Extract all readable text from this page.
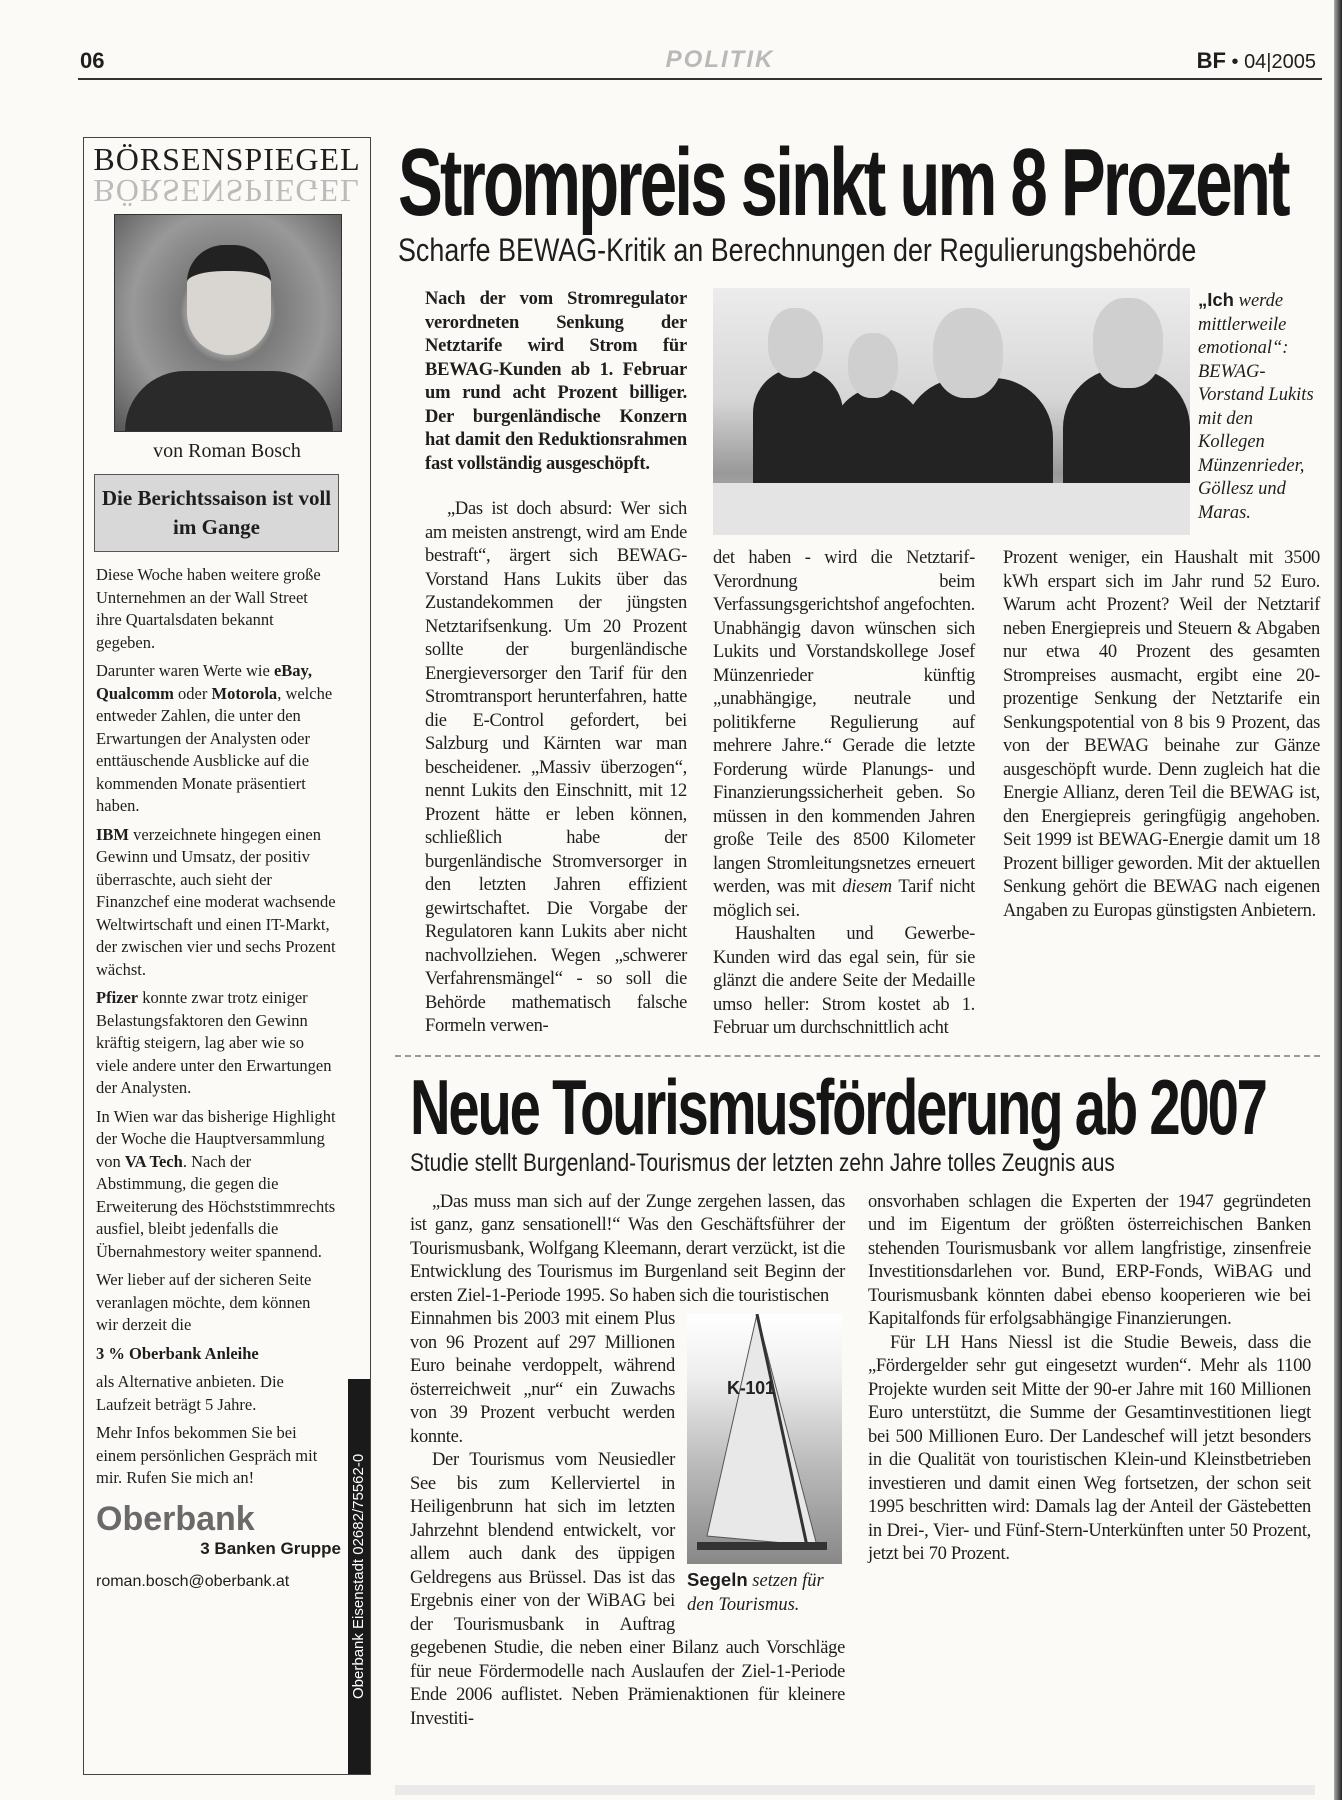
06	POLITIK	BF • 04|2005
BÖRSENSPIEGEL
BÖRSENSPIEGEL
von Roman Bosch
Die Berichtssaison ist voll im Gange

Diese Woche haben weitere große Unternehmen an der Wall Street ihre Quartalsdaten bekannt gegeben.

Darunter waren Werte wie eBay, Qualcomm oder Motorola, welche entweder Zahlen, die unter den Erwartungen der Analysten oder enttäuschende Ausblicke auf die kommenden Monate präsentiert haben.

IBM verzeichnete hingegen einen Gewinn und Umsatz, der positiv überraschte, auch sieht der Finanzchef eine moderat wachsende Weltwirtschaft und einen IT-Markt, der zwischen vier und sechs Prozent wächst.

Pfizer konnte zwar trotz einiger Belastungsfaktoren den Gewinn kräftig steigern, lag aber wie so viele andere unter den Erwartungen der Analysten.

In Wien war das bisherige Highlight der Woche die Hauptversammlung von VA Tech. Nach der Abstimmung, die gegen die Erweiterung des Höchststimmrechts ausfiel, bleibt jedenfalls die Übernahmestory weiter spannend.

Wer lieber auf der sicheren Seite veranlagen möchte, dem können wir derzeit die

3 % Oberbank Anleihe

als Alternative anbieten. Die Laufzeit beträgt 5 Jahre.

Mehr Infos bekommen Sie bei einem persönlichen Gespräch mit mir. Rufen Sie mich an!

Oberbank
3 Banken Gruppe
roman.bosch@oberbank.at	Oberbank Eisenstadt 02682/75562-0
Strompreis sinkt um 8 Prozent
Scharfe BEWAG-Kritik an Berechnungen der Regulierungsbehörde
Nach der vom Stromregulator verordneten Senkung der Netztarife wird Strom für BEWAG-Kunden ab 1. Februar um rund acht Prozent billiger. Der burgenländische Konzern hat damit den Reduktionsrahmen fast vollständig ausgeschöpft.

„Das ist doch absurd: Wer sich am meisten anstrengt, wird am Ende bestraft“, ärgert sich BEWAG-Vorstand Hans Lukits über das Zustandekommen der jüngsten Netztarifsenkung. Um 20 Prozent sollte der burgenländische Energieversorger den Tarif für den Stromtransport herunterfahren, hatte die E-Control gefordert, bei Salzburg und Kärnten war man bescheidener. „Massiv überzogen“, nennt Lukits den Einschnitt, mit 12 Prozent hätte er leben können, schließlich habe der burgenländische Stromversorger in den letzten Jahren effizient gewirtschaftet. Die Vorgabe der Regulatoren kann Lukits aber nicht nachvollziehen. Wegen „schwerer Verfahrensmängel“ - so soll die Behörde mathematisch falsche Formeln verwen-

„Ich werde mittlerweile emotional“: BEWAG-Vorstand Lukits mit den Kollegen Münzenrieder, Göllesz und Maras.

det haben - wird die Netztarif-Verordnung beim Verfassungsgerichtshof angefochten. Unabhängig davon wünschen sich Lukits und Vorstandskollege Josef Münzenrieder künftig „unabhängige, neutrale und politikferne Regulierung auf mehrere Jahre.“ Gerade die letzte Forderung würde Planungs- und Finanzierungssicherheit geben. So müssen in den kommenden Jahren große Teile des 8500 Kilometer langen Stromleitungsnetzes erneuert werden, was mit diesem Tarif nicht möglich sei.

Haushalten und Gewerbe-Kunden wird das egal sein, für sie glänzt die andere Seite der Medaille umso heller: Strom kostet ab 1. Februar um durchschnittlich acht

Prozent weniger, ein Haushalt mit 3500 kWh erspart sich im Jahr rund 52 Euro. Warum acht Prozent? Weil der Netztarif neben Energiepreis und Steuern & Abgaben nur etwa 40 Prozent des gesamten Strompreises ausmacht, ergibt eine 20-prozentige Senkung der Netztarife ein Senkungspotential von 8 bis 9 Prozent, das von der BEWAG beinahe zur Gänze ausgeschöpft wurde. Denn zugleich hat die Energie Allianz, deren Teil die BEWAG ist, den Energiepreis geringfügig angehoben. Seit 1999 ist BEWAG-Energie damit um 18 Prozent billiger geworden. Mit der aktuellen Senkung gehört die BEWAG nach eigenen Angaben zu Europas günstigsten Anbietern.

Neue Tourismusförderung ab 2007
Studie stellt Burgenland-Tourismus der letzten zehn Jahre tolles Zeugnis aus

„Das muss man sich auf der Zunge zergehen lassen, das ist ganz, ganz sensationell!“ Was den Geschäftsführer der Tourismusbank, Wolfgang Kleemann, derart verzückt, ist die Entwicklung des Tourismus im Burgenland seit Beginn der ersten Ziel-1-Periode 1995. So haben sich die touristischen

K-101
Segeln setzen für den Tourismus.

Einnahmen bis 2003 mit einem Plus von 96 Prozent auf 297 Millionen Euro beinahe verdoppelt, während österreichweit „nur“ ein Zuwachs von 39 Prozent verbucht werden konnte.

Der Tourismus vom Neusiedler See bis zum Kellerviertel in Heiligenbrunn hat sich im letzten Jahrzehnt blendend entwickelt, vor allem auch dank des üppigen Geldregens aus Brüssel. Das ist das Ergebnis einer von der WiBAG bei der Tourismusbank in Auftrag gegebenen Studie, die neben einer Bilanz auch Vorschläge für neue Fördermodelle nach Auslaufen der Ziel-1-Periode Ende 2006 auflistet. Neben Prämienaktionen für kleinere Investiti-

onsvorhaben schlagen die Experten der 1947 gegründeten und im Eigentum der größten österreichischen Banken stehenden Tourismusbank vor allem langfristige, zinsenfreie Investitionsdarlehen vor. Bund, ERP-Fonds, WiBAG und Tourismusbank könnten dabei ebenso kooperieren wie bei Kapitalfonds für erfolgsabhängige Finanzierungen.

Für LH Hans Niessl ist die Studie Beweis, dass die „Fördergelder sehr gut eingesetzt wurden“. Mehr als 1100 Projekte wurden seit Mitte der 90-er Jahre mit 160 Millionen Euro unterstützt, die Summe der Gesamtinvestitionen liegt bei 500 Millionen Euro. Der Landeschef will jetzt besonders in die Qualität von touristischen Klein-und Kleinstbetrieben investieren und damit einen Weg fortsetzen, der schon seit 1995 beschritten wird: Damals lag der Anteil der Gästebetten in Drei-, Vier- und Fünf-Stern-Unterkünften unter 50 Prozent, jetzt bei 70 Prozent.
